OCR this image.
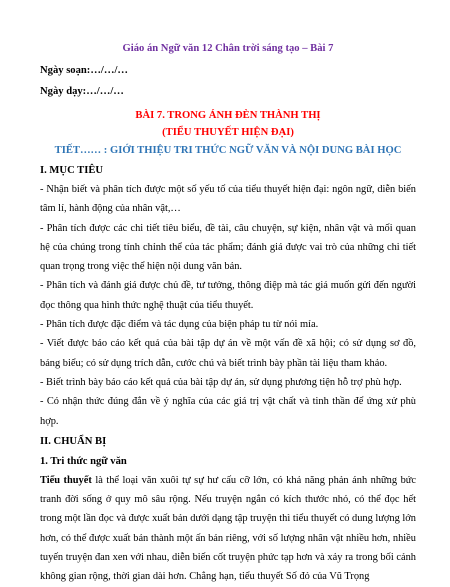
Giáo án Ngữ văn 12 Chân trời sáng tạo – Bài 7
Ngày soạn:…/…/…
Ngày dạy:…/…/…
BÀI 7. TRONG ÁNH ĐÈN THÀNH THỊ
(TIỂU THUYẾT HIỆN ĐẠI)
TIẾT…… : GIỚI THIỆU TRI THỨC NGỮ VĂN VÀ NỘI DUNG BÀI HỌC
I. MỤC TIÊU

- Nhận biết và phân tích được một số yếu tố của tiểu thuyết hiện đại: ngôn ngữ, diễn biến tâm lí, hành động của nhân vật,…

- Phân tích được các chi tiết tiêu biểu, đề tài, câu chuyện, sự kiện, nhân vật và mối quan hệ của chúng trong tính chỉnh thể của tác phẩm; đánh giá được vai trò của những chi tiết quan trọng trong việc thể hiện nội dung văn bản.

- Phân tích và đánh giá được chủ đề, tư tưởng, thông điệp mà tác giả muốn gửi đến người đọc thông qua hình thức nghệ thuật của tiểu thuyết.

- Phân tích được đặc điểm và tác dụng của biện pháp tu từ nói mỉa.

- Viết được báo cáo kết quả của bài tập dự án về một vấn đề xã hội; có sử dụng sơ đồ, bảng biểu; có sử dụng trích dẫn, cước chú và biết trình bày phần tài liệu tham khảo.

- Biết trình bày báo cáo kết quả của bài tập dự án, sử dụng phương tiện hỗ trợ phù hợp.

- Có nhận thức đúng đắn về ý nghĩa của các giá trị vật chất và tinh thần để ứng xử phù hợp.

II. CHUẨN BỊ
1. Tri thức ngữ văn

Tiểu thuyết là thể loại văn xuôi tự sự hư cấu cỡ lớn, có khả năng phản ánh những bức tranh đời sống ở quy mô sâu rộng. Nếu truyện ngắn có kích thước nhỏ, có thể đọc hết trong một lần đọc và được xuất bản dưới dạng tập truyện thì tiểu thuyết có dung lượng lớn hơn, có thể được xuất bản thành một ấn bản riêng, với số lượng nhân vật nhiều hơn, nhiều tuyến truyện đan xen với nhau, diễn biến cốt truyện phức tạp hơn và xảy ra trong bối cảnh không gian rộng, thời gian dài hơn. Chẳng hạn, tiểu thuyết Số đỏ của Vũ Trọng
